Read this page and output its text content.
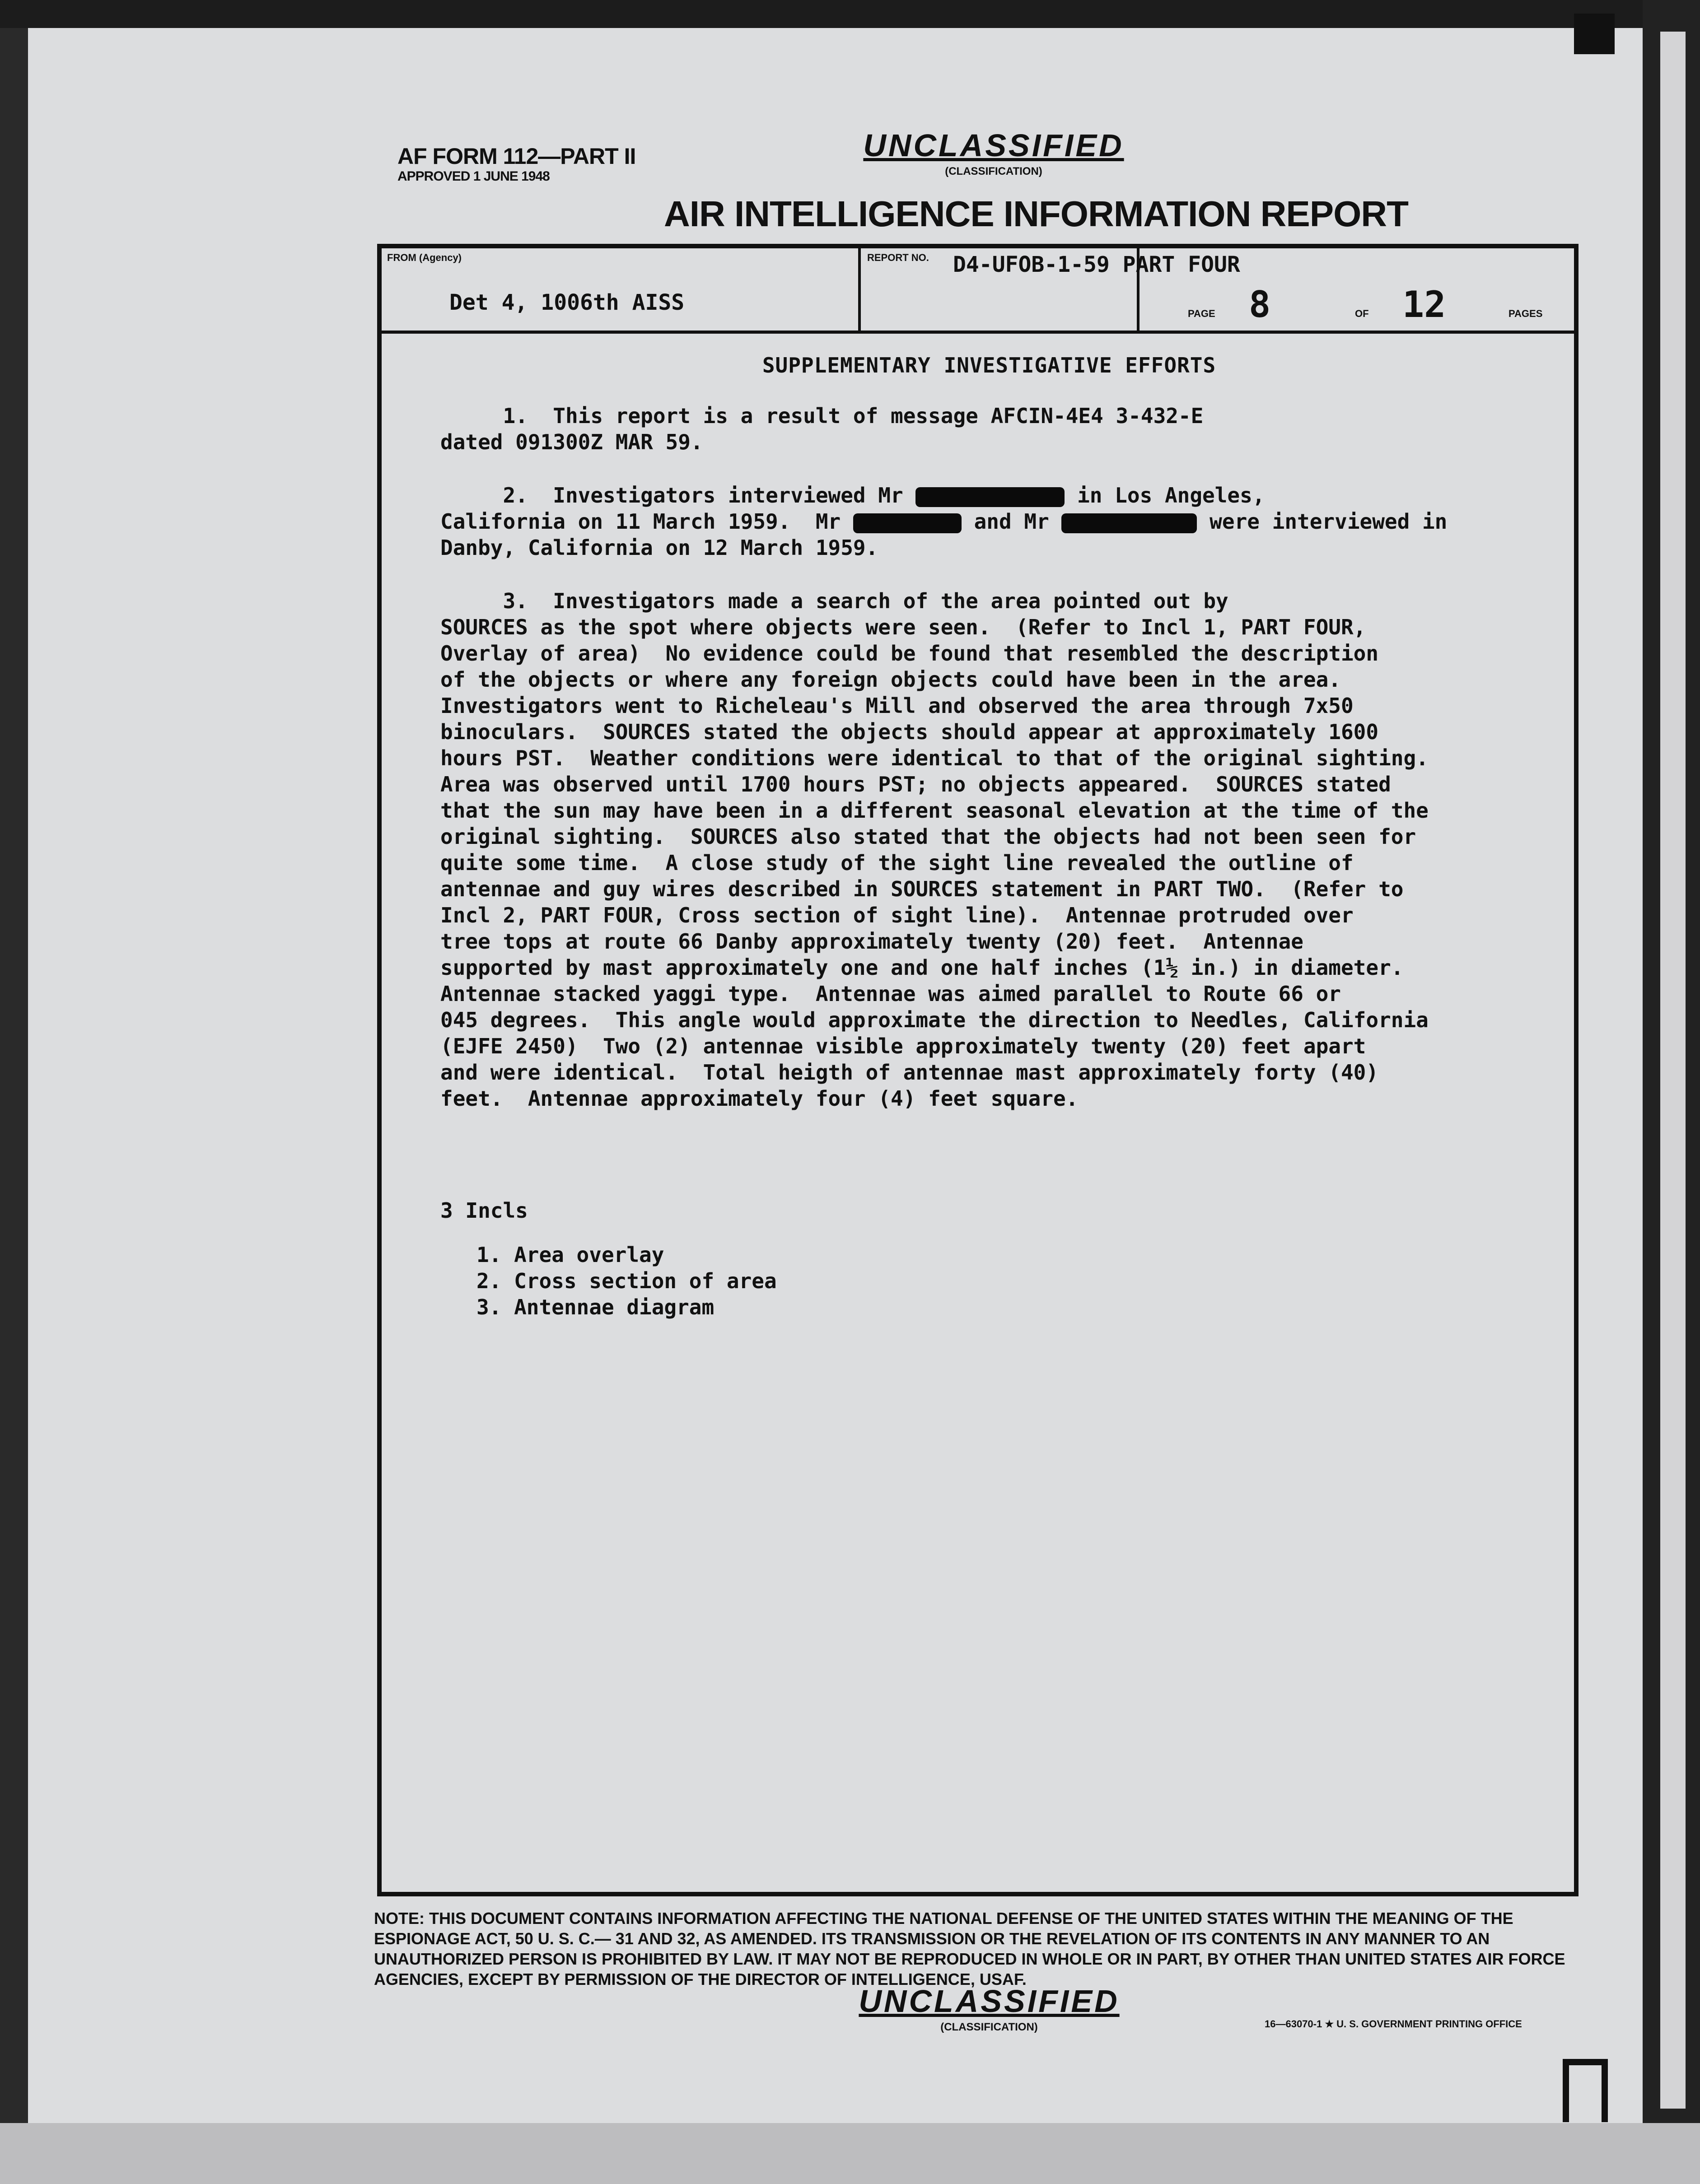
AF FORM 112—PART II
APPROVED 1 JUNE 1948
UNCLASSIFIED
(CLASSIFICATION)
AIR INTELLIGENCE INFORMATION REPORT
FROM (Agency)
Det 4, 1006th AISS
REPORT NO. D4-UFOB-1-59 PART FOUR
PAGE 8	OF 12	PAGES
SUPPLEMENTARY INVESTIGATIVE EFFORTS
1.  This report is a result of message AFCIN-4E4 3-432-E
dated 091300Z MAR 59.
2.  Investigators interviewed Mr	in Los Angeles,
California on 11 March 1959.  Mr	and Mr	were interviewed in
Danby, California on 12 March 1959.
3.  Investigators made a search of the area pointed out by
SOURCES as the spot where objects were seen.  (Refer to Incl 1, PART FOUR,
Overlay of area)  No evidence could be found that resembled the description
of the objects or where any foreign objects could have been in the area.
Investigators went to Richeleau's Mill and observed the area through 7x50
binoculars.  SOURCES stated the objects should appear at approximately 1600
hours PST.  Weather conditions were identical to that of the original sighting.
Area was observed until 1700 hours PST; no objects appeared.  SOURCES stated
that the sun may have been in a different seasonal elevation at the time of the
original sighting.  SOURCES also stated that the objects had not been seen for
quite some time.  A close study of the sight line revealed the outline of
antennae and guy wires described in SOURCES statement in PART TWO.  (Refer to
Incl 2, PART FOUR, Cross section of sight line).  Antennae protruded over
tree tops at route 66 Danby approximately twenty (20) feet.  Antennae
supported by mast approximately one and one half inches (1½ in.) in diameter.
Antennae stacked yaggi type.  Antennae was aimed parallel to Route 66 or
045 degrees.  This angle would approximate the direction to Needles, California
(EJFE 2450)  Two (2) antennae visible approximately twenty (20) feet apart
and were identical.  Total heigth of antennae mast approximately forty (40)
feet.  Antennae approximately four (4) feet square.
3 Incls
1. Area overlay
2. Cross section of area
3. Antennae diagram
NOTE: THIS DOCUMENT CONTAINS INFORMATION AFFECTING THE NATIONAL DEFENSE OF THE UNITED STATES WITHIN THE MEANING OF THE ESPIONAGE ACT, 50 U. S. C.— 31 AND 32, AS AMENDED. ITS TRANSMISSION OR THE REVELATION OF ITS CONTENTS IN ANY MANNER TO AN UNAUTHORIZED PERSON IS PROHIBITED BY LAW. IT MAY NOT BE REPRODUCED IN WHOLE OR IN PART, BY OTHER THAN UNITED STATES AIR FORCE AGENCIES, EXCEPT BY PERMISSION OF THE DIRECTOR OF INTELLIGENCE, USAF.
UNCLASSIFIED
(CLASSIFICATION)	16—63070-1 ★ U. S. GOVERNMENT PRINTING OFFICE
